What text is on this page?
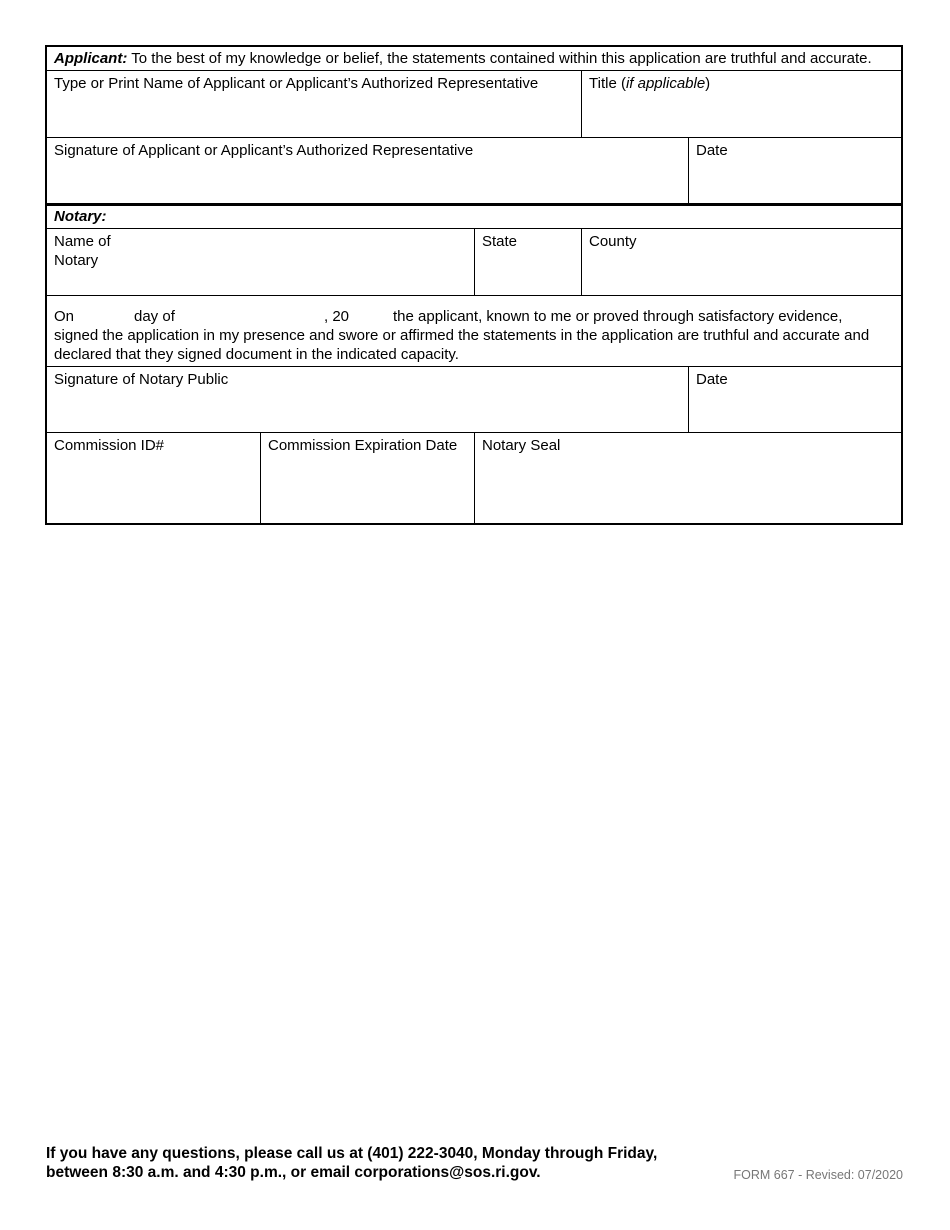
Applicant: To the best of my knowledge or belief, the statements contained within this application are truthful and accurate.
Type or Print Name of Applicant or Applicant’s Authorized Representative	Title (if applicable)
Signature of Applicant or Applicant’s Authorized Representative	Date
Notary:
Name of
Notary
State	County
On	day of	, 20	the applicant, known to me or proved through satisfactory evidence,
signed the application in my presence and swore or affirmed the statements in the application are truthful and accurate and
declared that they signed document in the indicated capacity.
Signature of Notary Public	Date
Commission ID#	Commission Expiration Date	Notary Seal
If you have any questions, please call us at (401) 222-3040, Monday through Friday,
between 8:30 a.m. and 4:30 p.m., or email corporations@sos.ri.gov.	FORM 667 - Revised: 07/2020
